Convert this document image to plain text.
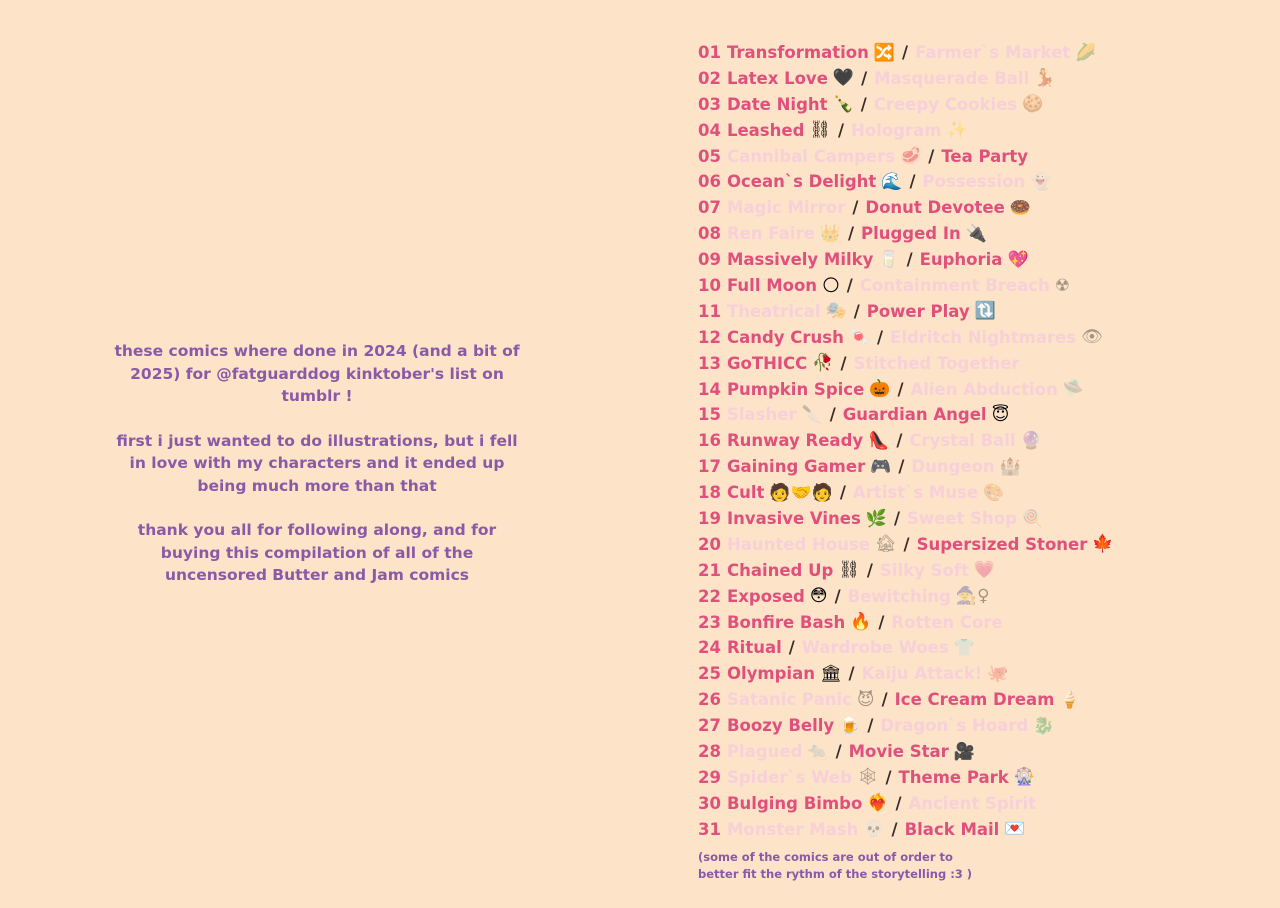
these comics where done in 2024 (and a bit of 2025) for @fatguarddog kinktober's list on tumblr !

first i just wanted to do illustrations, but i fell in love with my characters and it ended up being much more than that

thank you all for following along, and for buying this compilation of all of the uncensored Butter and Jam comics

01 Transformation 🔀 / Farmer`s Market 🌽
02 Latex Love 🖤 / Masquerade Ball 💃
03 Date Night 🍾 / Creepy Cookies 🍪
04 Leashed ⛓ / Hologram ✨
05 Cannibal Campers 🥩 / Tea Party
06 Ocean`s Delight 🌊 / Possession 👻
07 Magic Mirror / Donut Devotee 🍩
08 Ren Faire 👑 / Plugged In 🔌
09 Massively Milky 🥛 / Euphoria 💖
10 Full Moon 🌕 / Containment Breach ☢
11 Theatrical 🎭 / Power Play 🔃
12 Candy Crush 🍬 / Eldritch Nightmares 👁
13 GoTHICC 🥀 / Stitched Together
14 Pumpkin Spice 🎃 / Alien Abduction 🛸
15 Slasher 🔪 / Guardian Angel 😇
16 Runway Ready 👠 / Crystal Ball 🔮
17 Gaining Gamer 🎮 / Dungeon 🏰
18 Cult 🧑🤝🧑 / Artist`s Muse 🎨
19 Invasive Vines 🌿 / Sweet Shop 🍭
20 Haunted House 🏚 / Supersized Stoner 🍁
21 Chained Up ⛓ / Silky Soft 💗
22 Exposed 😳 / Bewitching 🧙♀
23 Bonfire Bash 🔥 / Rotten Core
24 Ritual / Wardrobe Woes 👕
25 Olympian 🏛 / Kaiju Attack! 🐙
26 Satanic Panic 😈 / Ice Cream Dream 🍦
27 Boozy Belly 🍺 / Dragon`s Hoard 🐉
28 Plagued 🐀 / Movie Star 🎥
29 Spider`s Web 🕸 / Theme Park 🎡
30 Bulging Bimbo ❤️‍🔥 / Ancient Spirit
31 Monster Mash 💀 / Black Mail 💌
(some of the comics are out of order to
better fit the rythm of the storytelling :3 )
